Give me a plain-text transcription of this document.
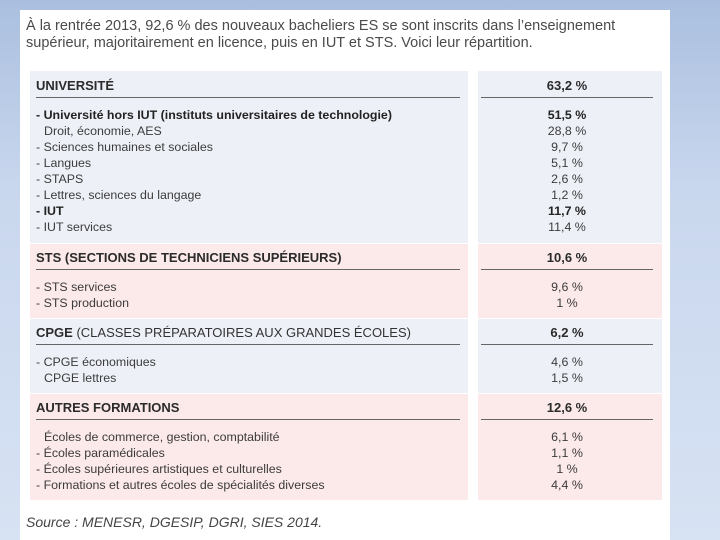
À la rentrée 2013, 92,6 % des nouveaux bacheliers ES se sont inscrits dans l’enseignement supérieur, majoritairement en licence, puis en IUT et STS. Voici leur répartition.
UNIVERSITÉ	63,2 %
- Université hors IUT (instituts universitaires de technologie)	51,5 %
Droit, économie, AES	28,8 %
- Sciences humaines et sociales	9,7 %
- Langues	5,1 %
- STAPS	2,6 %
- Lettres, sciences du langage	1,2 %
- IUT	11,7 %
- IUT services	11,4 %
STS (SECTIONS DE TECHNICIENS SUPÉRIEURS)	10,6 %
- STS services	9,6 %
- STS production	1 %
CPGE (CLASSES PRÉPARATOIRES AUX GRANDES ÉCOLES)	6,2 %
- CPGE économiques	4,6 %
CPGE lettres	1,5 %
AUTRES FORMATIONS	12,6 %
Écoles de commerce, gestion, comptabilité	6,1 %
- Écoles paramédicales	1,1 %
- Écoles supérieures artistiques et culturelles	1 %
- Formations et autres écoles de spécialités diverses	4,4 %
Source : MENESR, DGESIP, DGRI, SIES 2014.
